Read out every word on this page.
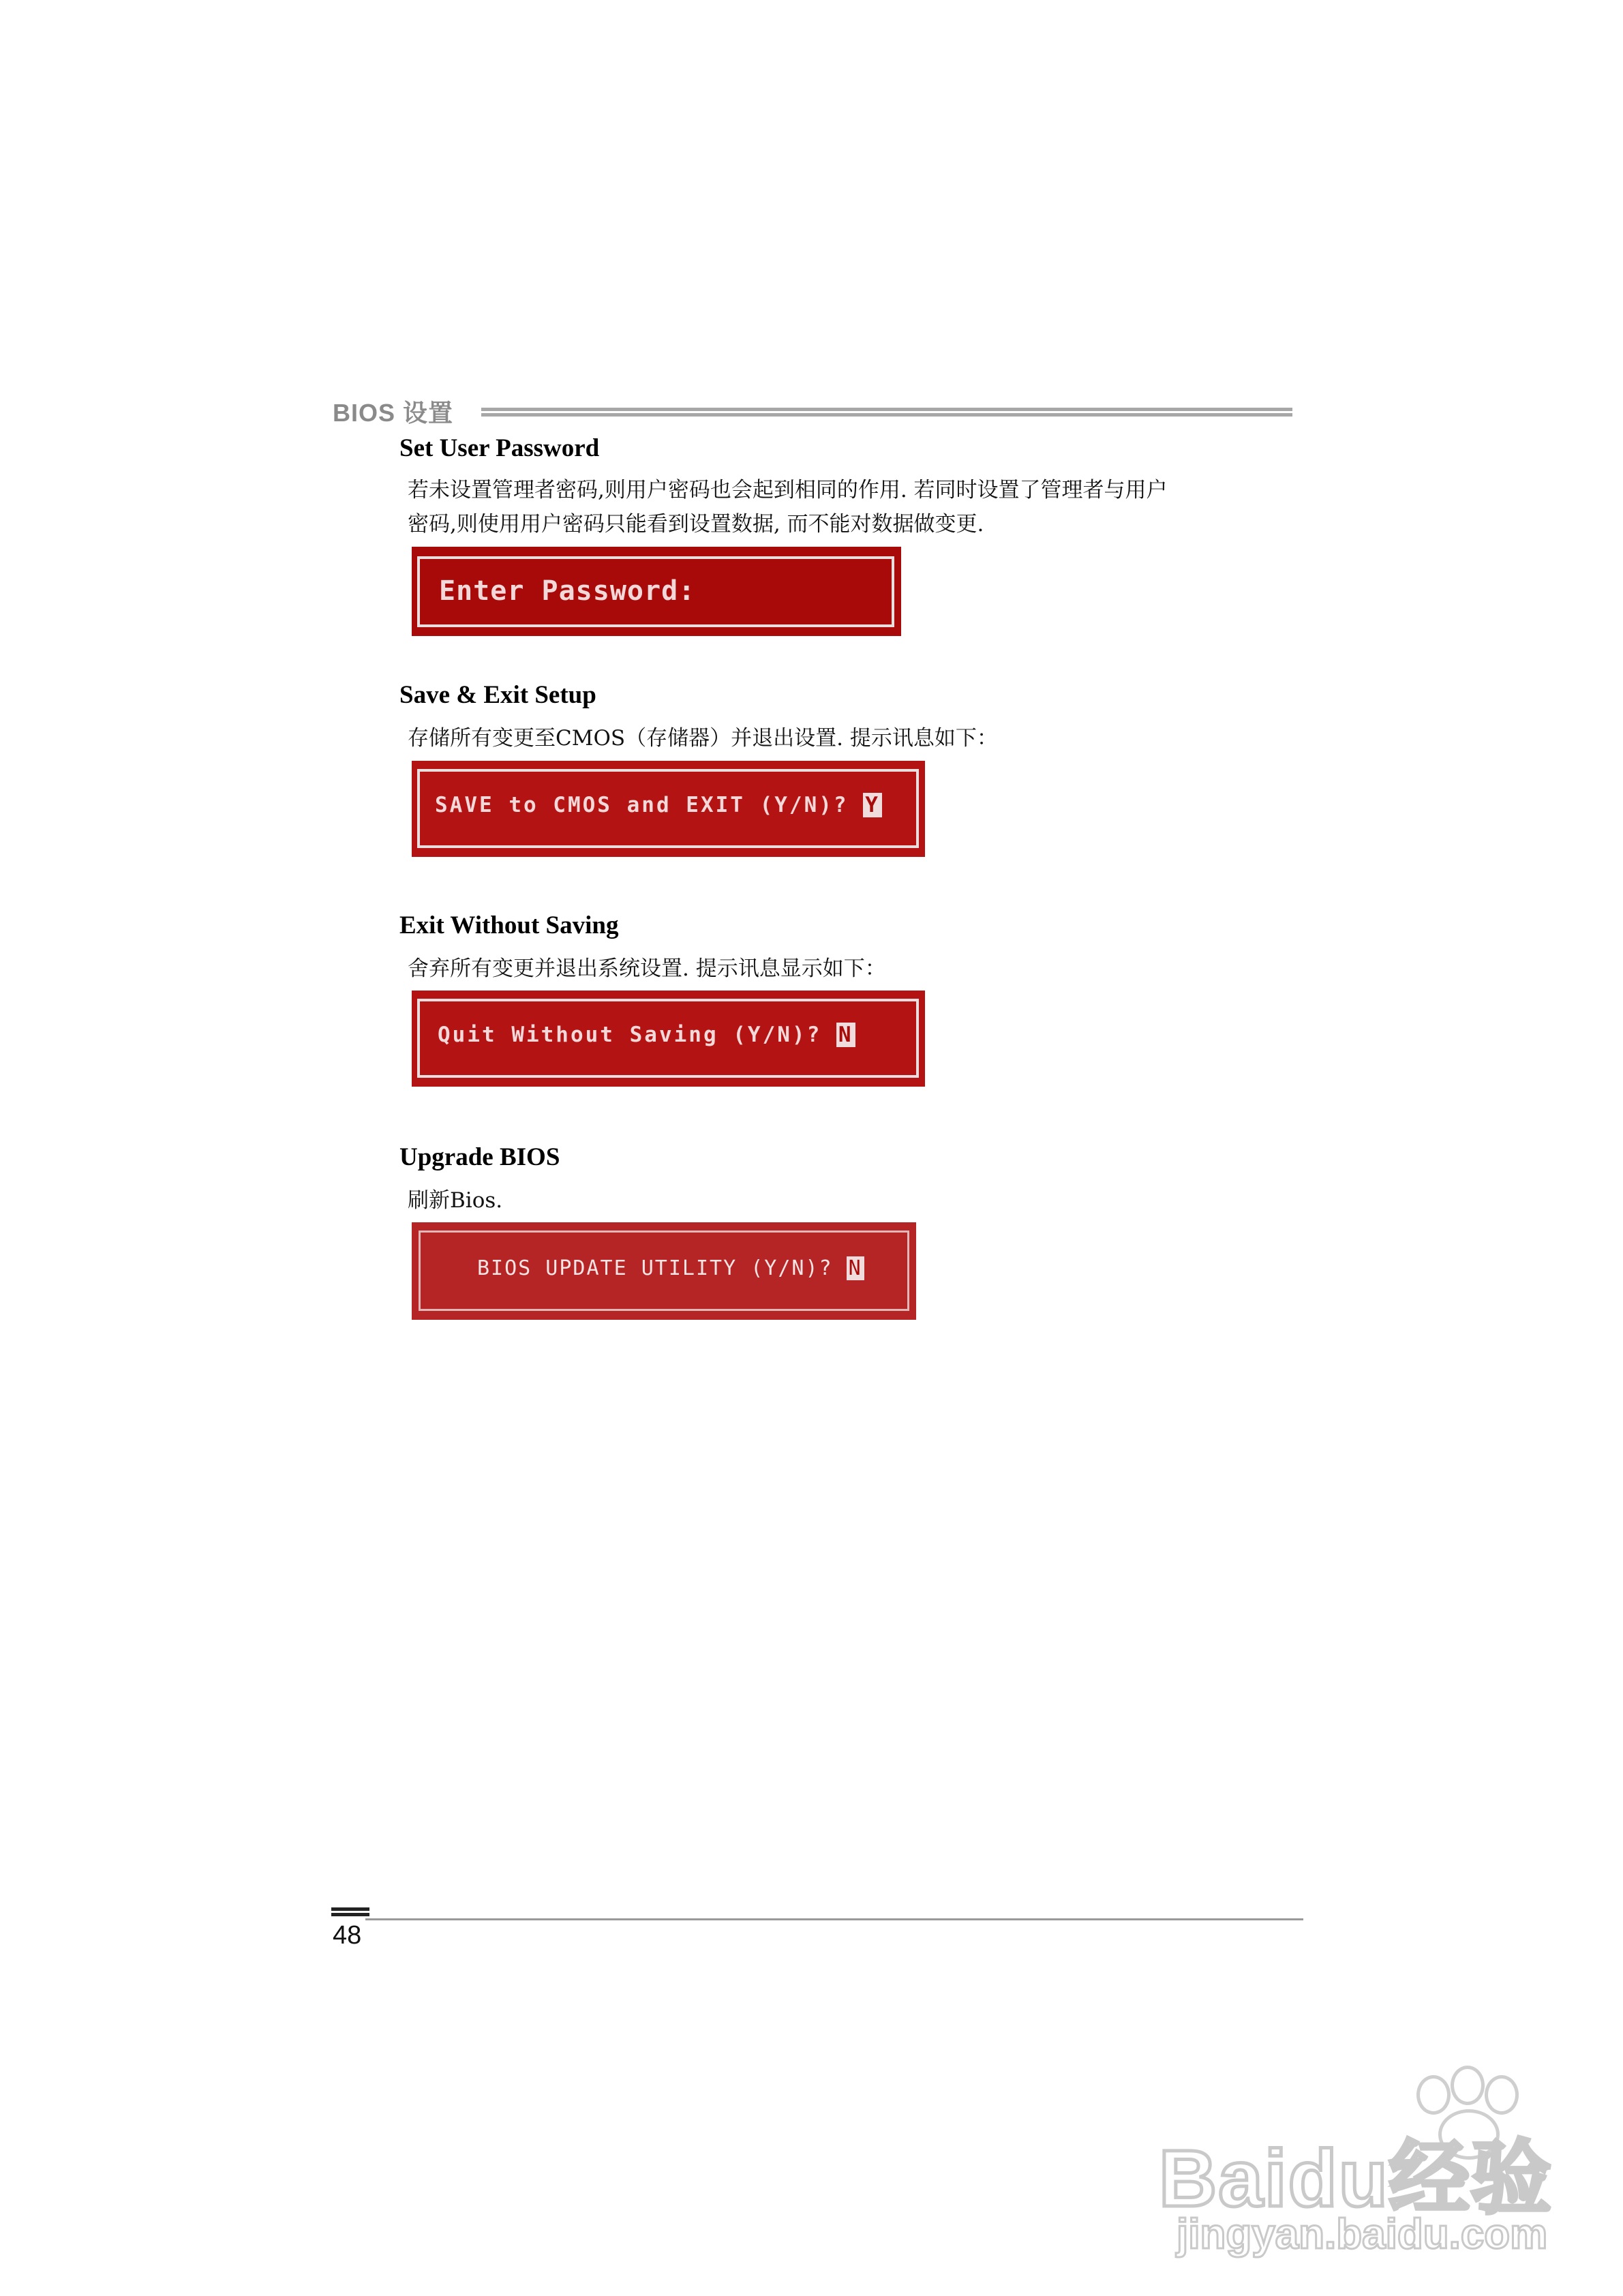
BIOS 设置
Set User Password
若未设置管理者密码,则用户密码也会起到相同的作用. 若同时设置了管理者与用户
密码,则使用用户密码只能看到设置数据, 而不能对数据做变更.
Enter Password:
Save & Exit Setup
存储所有变更至CMOS（存储器）并退出设置. 提示讯息如下：
SAVE to CMOS and EXIT (Y/N)? Y
Exit Without Saving
舍弃所有变更并退出系统设置. 提示讯息显示如下：
Quit Without Saving (Y/N)? N
Upgrade BIOS
刷新Bios.
BIOS UPDATE UTILITY (Y/N)? N
48
Baidu经验
jingyan.baidu.com
